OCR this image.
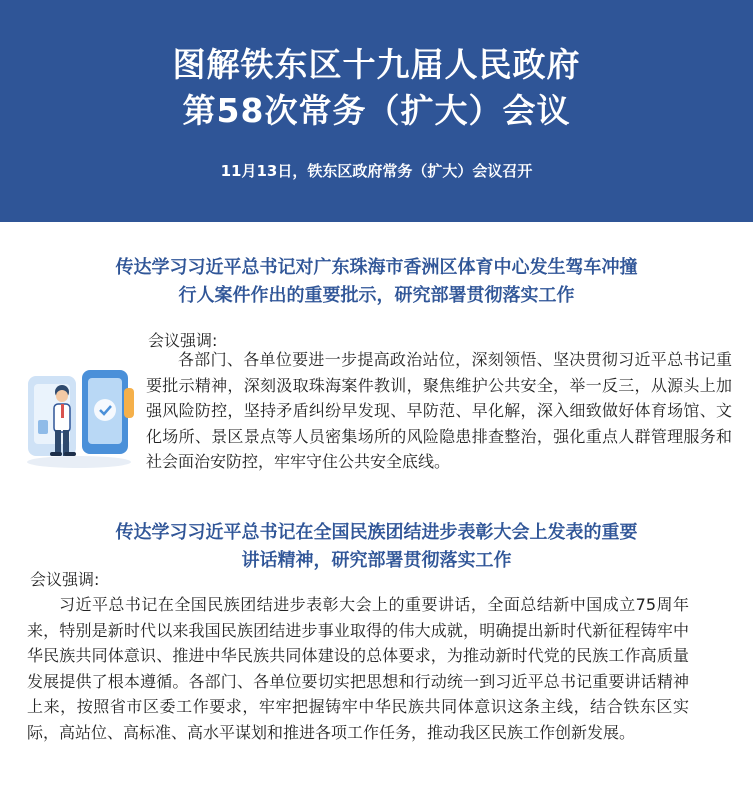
图解铁东区十九届人民政府
第58次常务（扩大）会议
11月13日，铁东区政府常务（扩大）会议召开
传达学习习近平总书记对广东珠海市香洲区体育中心发生驾车冲撞
行人案件作出的重要批示，研究部署贯彻落实工作
会议强调:
各部门、各单位要进一步提高政治站位，深刻领悟、坚决贯彻习近平总书记重要批示精神，深刻汲取珠海案件教训，聚焦维护公共安全，举一反三，从源头上加强风险防控，坚持矛盾纠纷早发现、早防范、早化解，深入细致做好体育场馆、文化场所、景区景点等人员密集场所的风险隐患排查整治，强化重点人群管理服务和社会面治安防控，牢牢守住公共安全底线。
传达学习习近平总书记在全国民族团结进步表彰大会上发表的重要
讲话精神，研究部署贯彻落实工作
会议强调:
习近平总书记在全国民族团结进步表彰大会上的重要讲话，全面总结新中国成立75周年来，特别是新时代以来我国民族团结进步事业取得的伟大成就，明确提出新时代新征程铸牢中华民族共同体意识、推进中华民族共同体建设的总体要求，为推动新时代党的民族工作高质量发展提供了根本遵循。各部门、各单位要切实把思想和行动统一到习近平总书记重要讲话精神上来，按照省市区委工作要求，牢牢把握铸牢中华民族共同体意识这条主线，结合铁东区实际，高站位、高标准、高水平谋划和推进各项工作任务，推动我区民族工作创新发展。
